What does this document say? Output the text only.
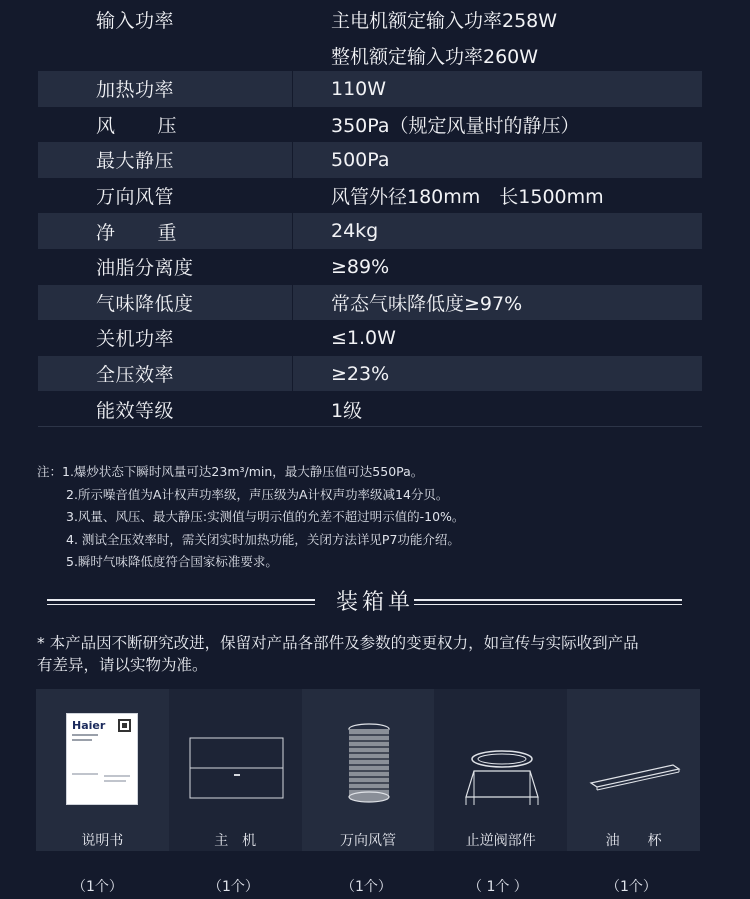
输入功率	主电机额定输入功率258W
整机额定输入功率260W
加热功率	110W
风 压	350Pa（规定风量时的静压）
最大静压	500Pa
万向风管	风管外径180mm　长1500mm
净 重	24kg
油脂分离度	≥89%
气味降低度	常态气味降低度≥97%
关机功率	≤1.0W
全压效率	≥23%
能效等级	1级
注：1.爆炒状态下瞬时风量可达23m³/min，最大静压值可达550Pa。
2.所示噪音值为A计权声功率级，声压级为A计权声功率级减14分贝。
3.风量、风压、最大静压:实测值与明示值的允差不超过明示值的-10%。
4. 测试全压效率时，需关闭实时加热功能，关闭方法详见P7功能介绍。
5.瞬时气味降低度符合国家标准要求。
装箱单
* 本产品因不断研究改进，保留对产品各部件及参数的变更权力，如宣传与实际收到产品
有差异，请以实物为准。
Haier
说明书	主　机	万向风管	止逆阀部件	油　　杯
（1个）	（1个）	（1个）	（ 1个 ）	（1个）
